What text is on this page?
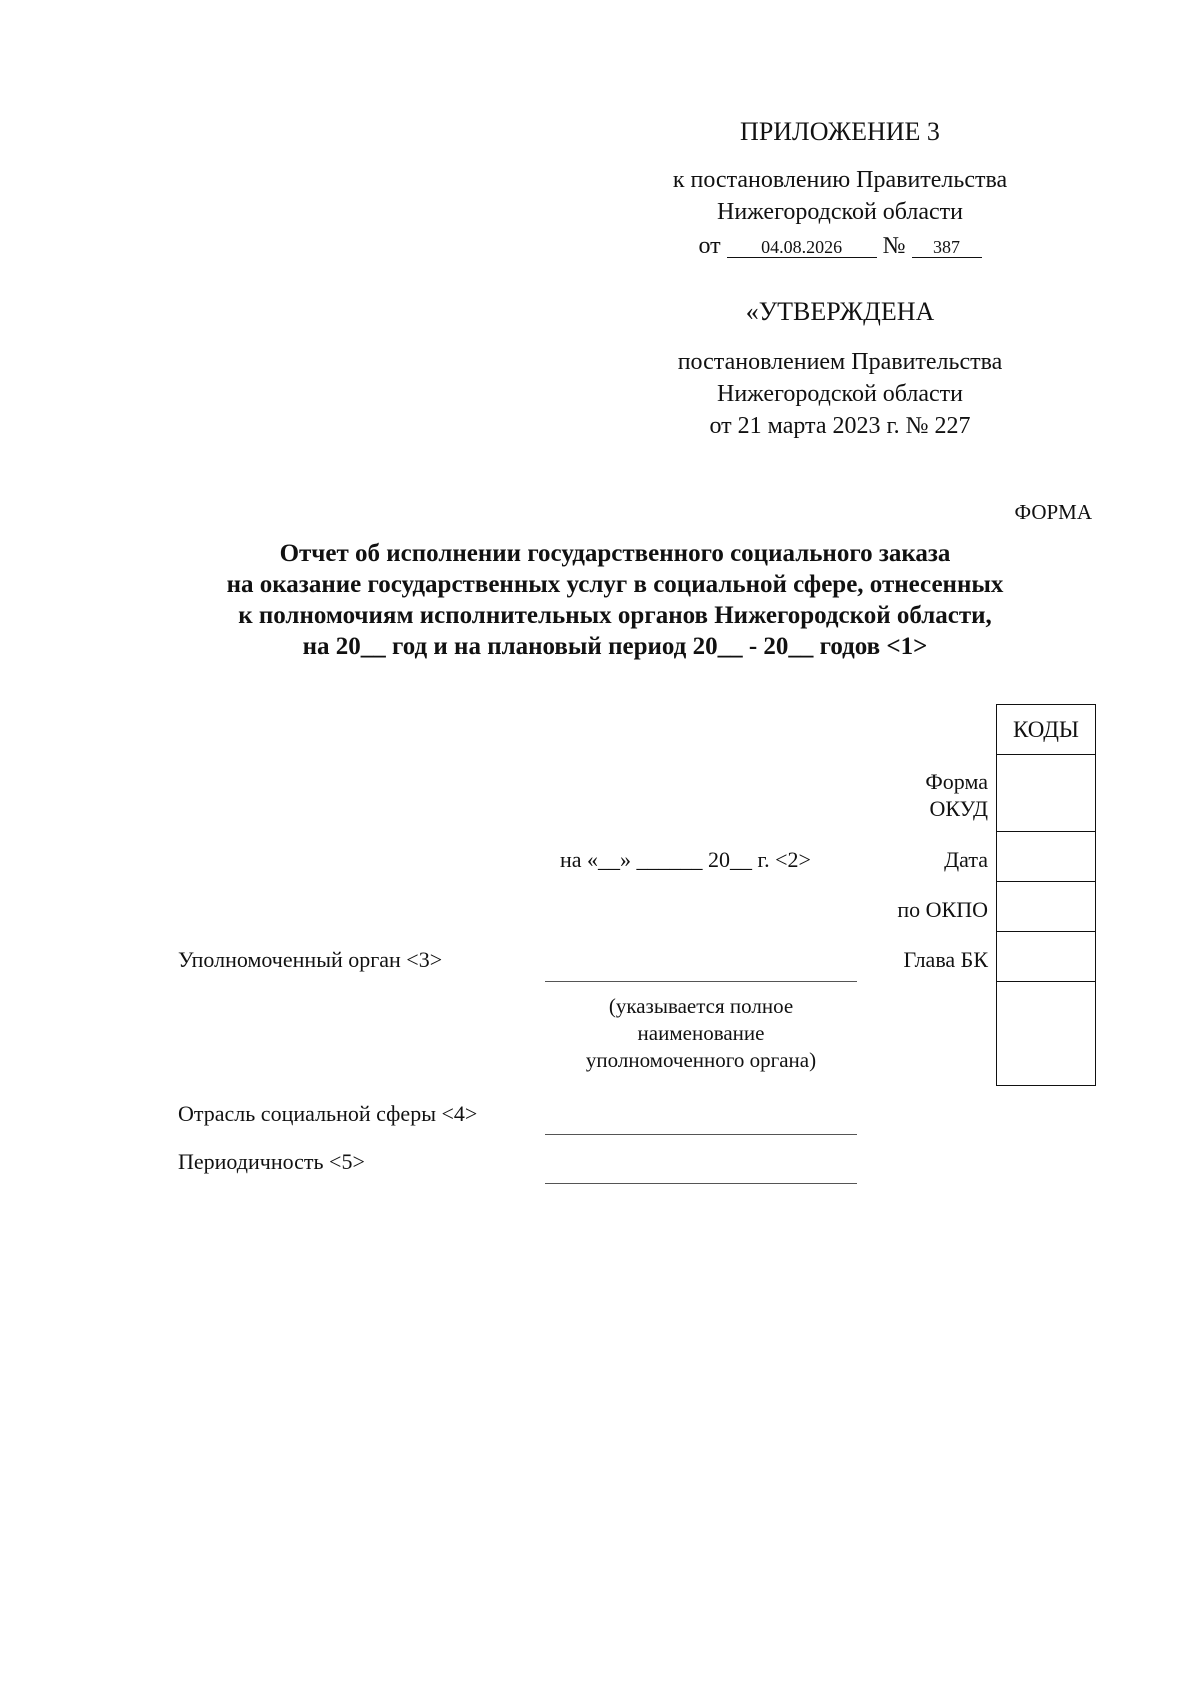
ПРИЛОЖЕНИЕ 3
к постановлению Правительства
Нижегородской области
от 04.08.2026 № 387
«УТВЕРЖДЕНА
постановлением Правительства
Нижегородской области
от 21 марта 2023 г. № 227
ФОРМА
Отчет об исполнении государственного социального заказа
на оказание государственных услуг в социальной сфере, отнесенных
к полномочиям исполнительных органов Нижегородской области,
на 20__ год и на плановый период 20__ - 20__ годов <1>
КОДЫ
Форма
ОКУД
Дата
по ОКПО
Глава БК
на «__» ______ 20__ г. <2>
Уполномоченный орган <3>
(указывается полное
наименование
уполномоченного органа)
Отрасль социальной сферы <4>
Периодичность <5>
